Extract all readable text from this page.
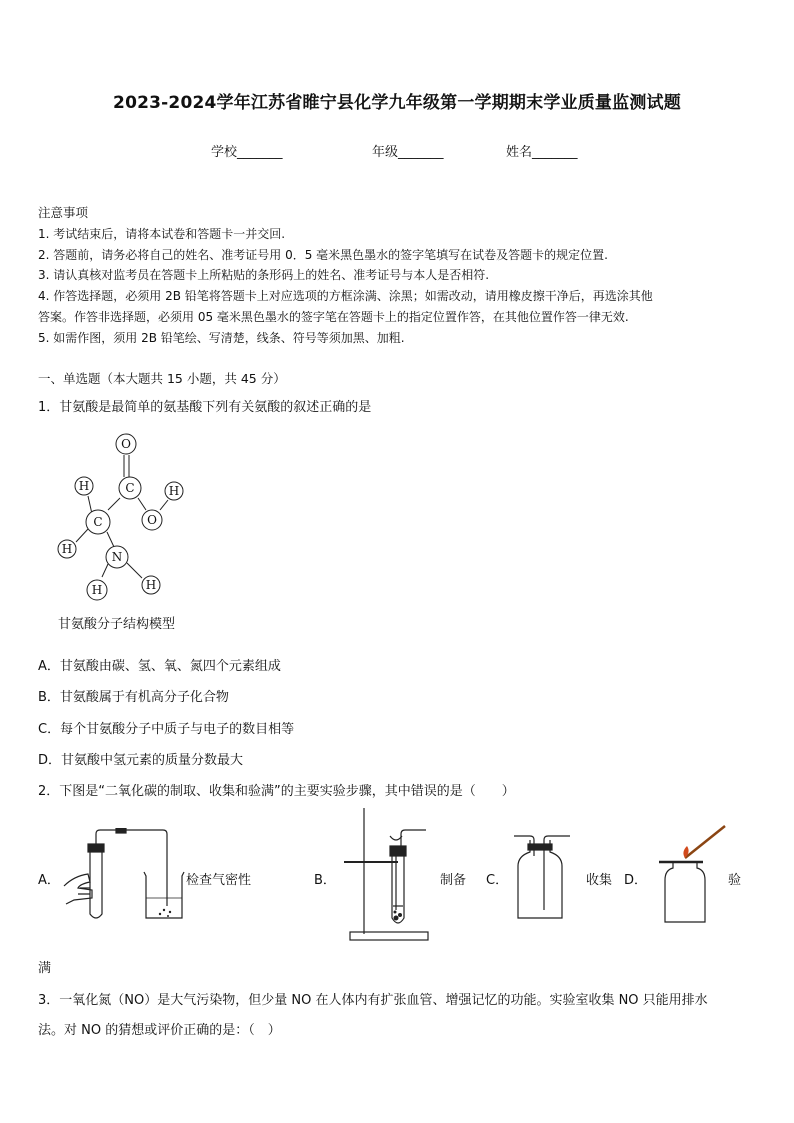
2023-2024学年江苏省睢宁县化学九年级第一学期期末学业质量监测试题
学校_______	年级_______	姓名_______
注意事项
1. 考试结束后，请将本试卷和答题卡一并交回.
2. 答题前，请务必将自己的姓名、准考证号用 0．5 毫米黑色墨水的签字笔填写在试卷及答题卡的规定位置.
3. 请认真核对监考员在答题卡上所粘贴的条形码上的姓名、准考证号与本人是否相符.
4. 作答选择题，必须用 2B 铅笔将答题卡上对应选项的方框涂满、涂黑；如需改动，请用橡皮擦干净后，再选涂其他
答案。作答非选择题，必须用 05 毫米黑色墨水的签字笔在答题卡上的指定位置作答，在其他位置作答一律无效.
5. 如需作图，须用 2B 铅笔绘、写清楚，线条、符号等须加黑、加粗.
一、单选题（本大题共 15 小题，共 45 分）
1．甘氨酸是最简单的氨基酸下列有关氨酸的叙述正确的是
O
C
H	H
C	O
H
N
H	H
甘氨酸分子结构模型
A．甘氨酸由碳、氢、氧、氮四个元素组成
B．甘氨酸属于有机高分子化合物
C．每个甘氨酸分子中质子与电子的数目相等
D．甘氨酸中氢元素的质量分数最大
2．下图是“二氧化碳的制取、收集和验满”的主要实验步骤，其中错误的是（　　）
A．	检查气密性	B．	制备 C．	收集 D．	验
满
3．一氧化氮（NO）是大气污染物，但少量 NO 在人体内有扩张血管、增强记忆的功能。实验室收集 NO 只能用排水
法。对 NO 的猜想或评价正确的是：（　）
